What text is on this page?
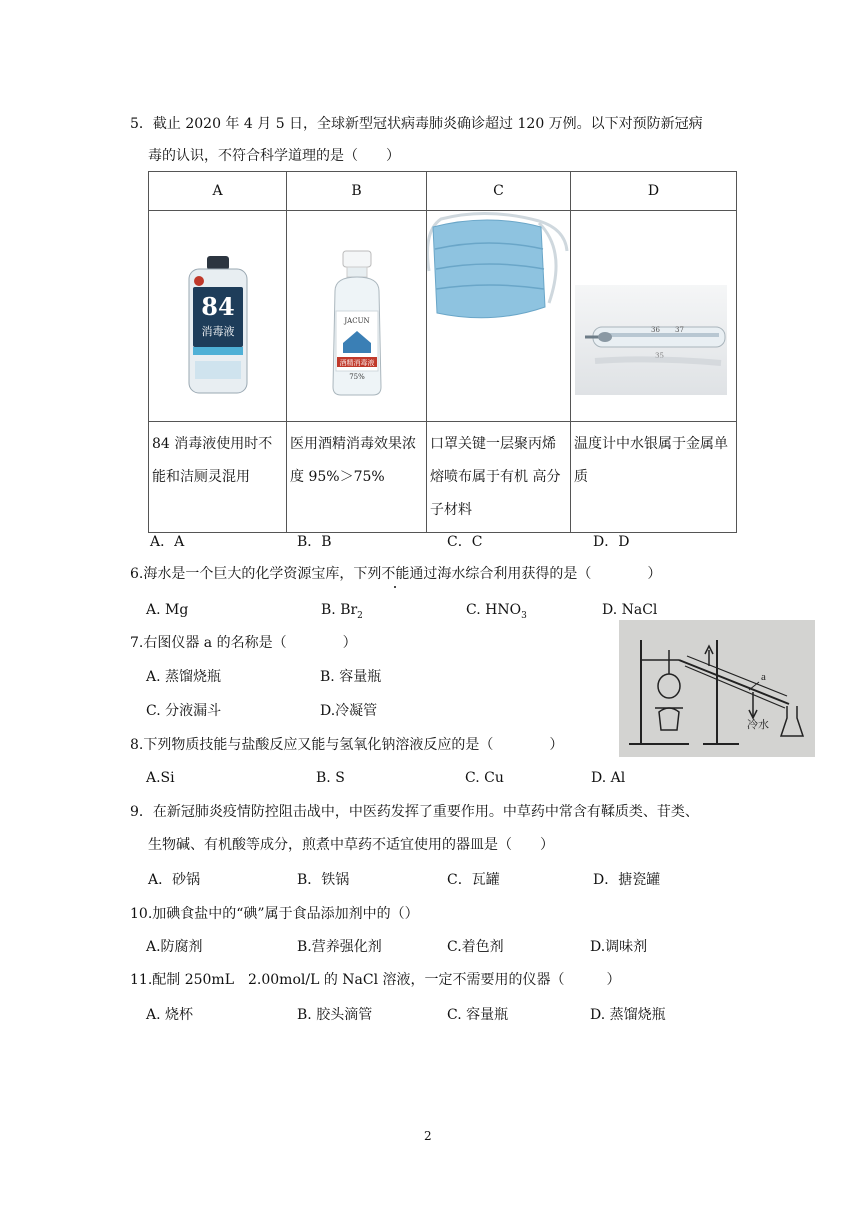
5．截止 2020 年 4 月 5 日，全球新型冠状病毒肺炎确诊超过 120 万例。以下对预防新冠病
毒的认识，不符合科学道理的是（　　）
A	B	C	D

84
消毒液	JACUN
酒精消毒液
75%		36 37
35

84 消毒液使用时不能和洁厕灵混用	医用酒精消毒效果浓度 95%＞75%	口罩关键一层聚丙烯熔喷布属于有机 高分子材料	温度计中水银属于金属单质
A．A	B．B	C．C	D．D
6.海水是一个巨大的化学资源宝库，下列不能通过海水综合利用获得的是（　　　　）
A. Mg	B. $Br_2$	C. $HNO_3$	D. NaCl
7.右图仪器 a 的名称是（　　　　）
A. 蒸馏烧瓶	B. 容量瓶
C. 分液漏斗	D.冷凝管
a
冷水
8.下列物质技能与盐酸反应又能与氢氧化钠溶液反应的是（　　　　）
A.Si	B. S	C. Cu	D. Al
9．在新冠肺炎疫情防控阻击战中，中医药发挥了重要作用。中草药中常含有鞣质类、苷类、
生物碱、有机酸等成分，煎煮中草药不适宜使用的器皿是（　　）
A．砂锅	B．铁锅	C．瓦罐	D．搪瓷罐
10.加碘食盐中的“碘”属于食品添加剂中的（）
A.防腐剂	B.营养强化剂	C.着色剂	D.调味剂
11.配制 250mL　2.00mol/L 的 NaCl 溶液，一定不需要用的仪器（　　　）
A. 烧杯	B. 胶头滴管	C. 容量瓶	D. 蒸馏烧瓶
2
